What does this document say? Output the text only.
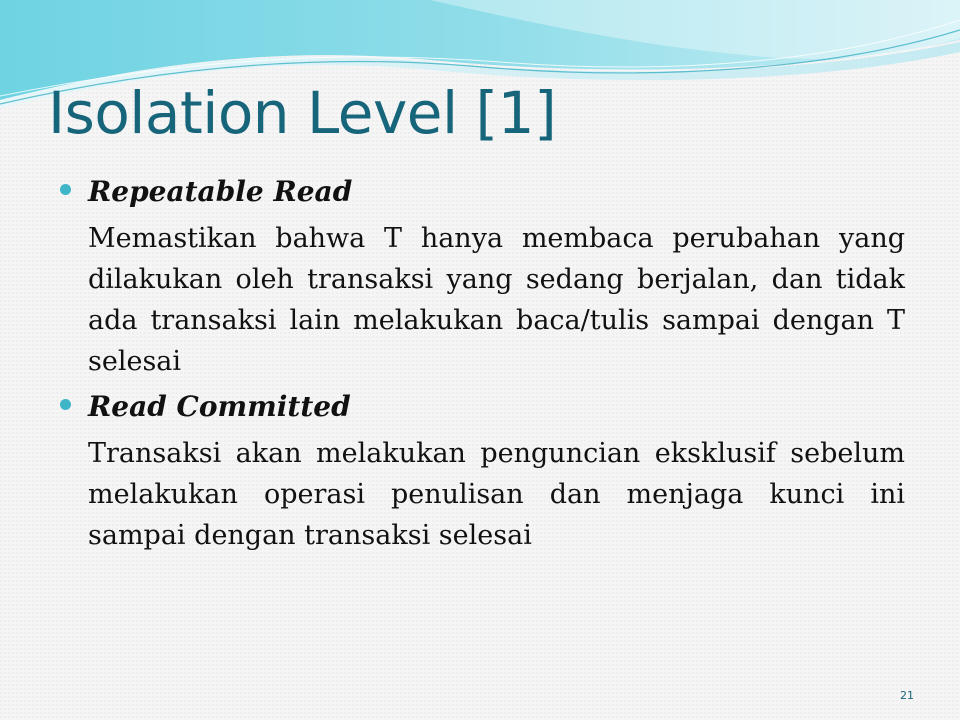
Isolation Level [1]
Repeatable Read

Memastikan bahwa T hanya membaca perubahan yang dilakukan oleh transaksi yang sedang berjalan, dan tidak ada transaksi lain melakukan baca/tulis sampai dengan T selesai

Read Committed

Transaksi akan melakukan penguncian eksklusif sebelum melakukan operasi penulisan dan menjaga kunci ini sampai dengan transaksi selesai

21
